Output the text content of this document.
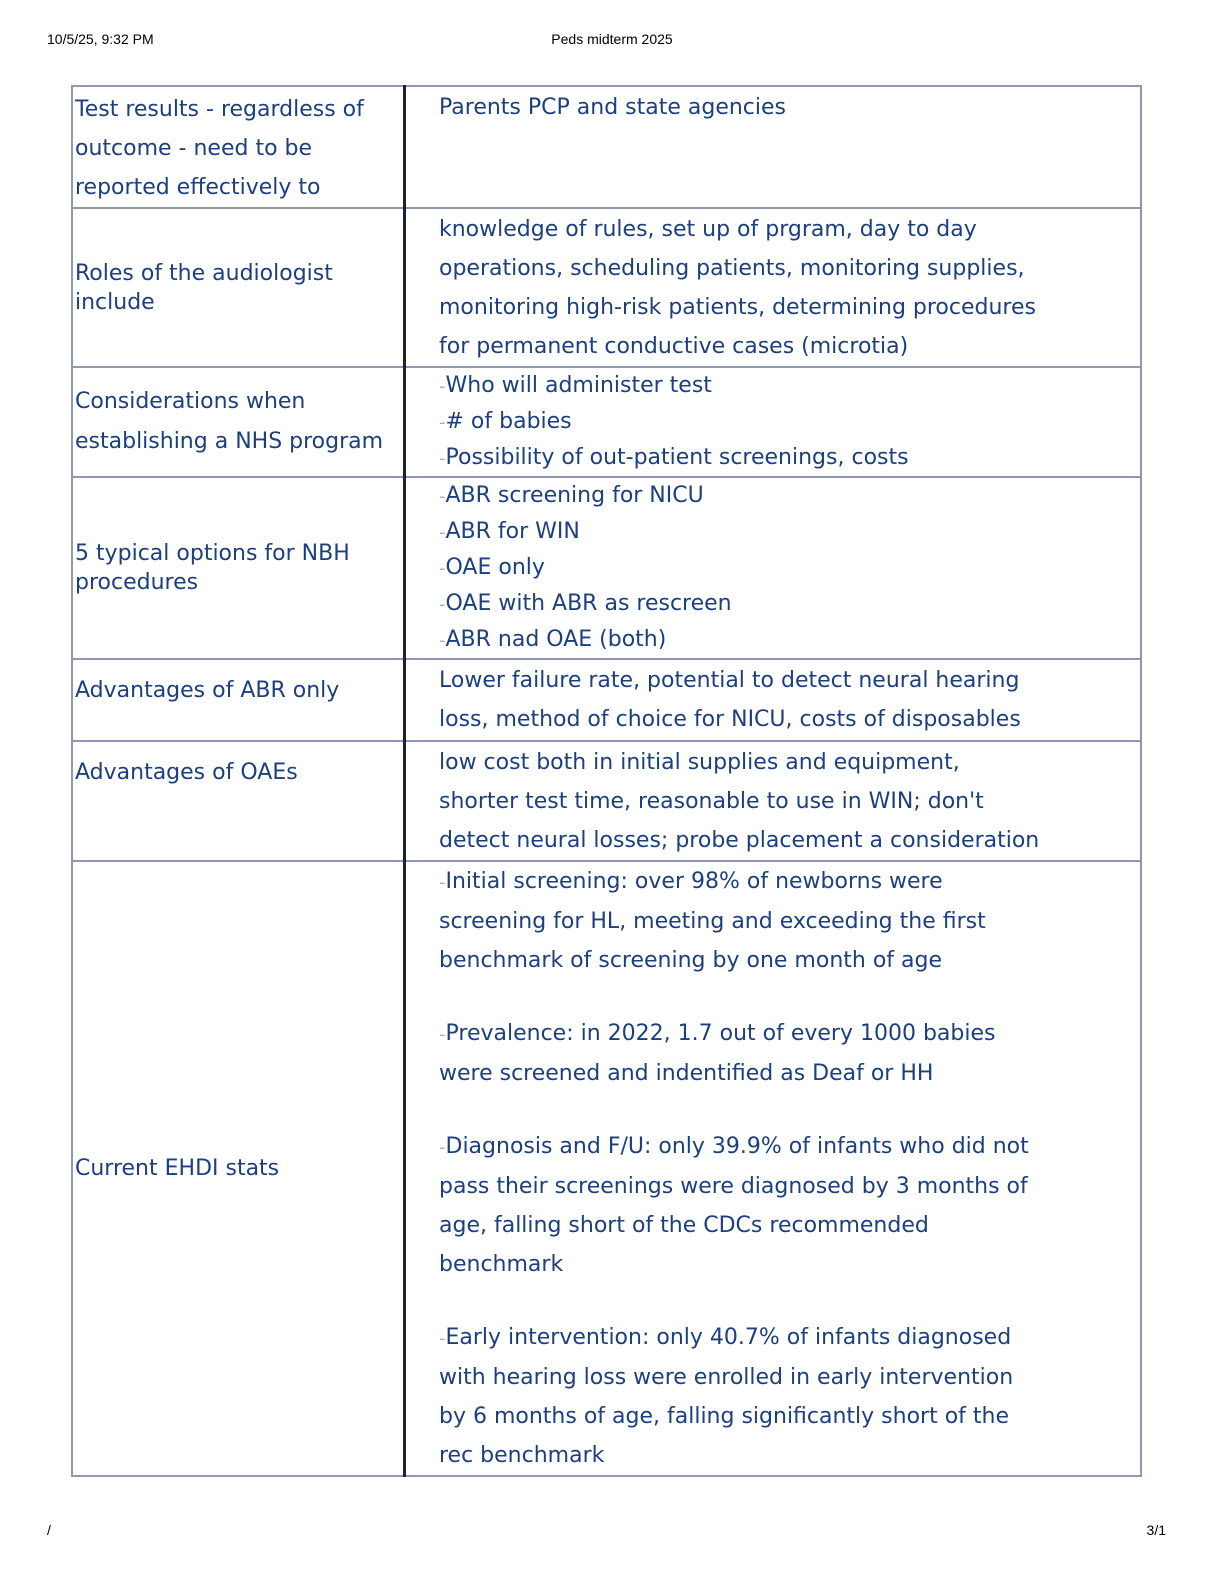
10/5/25, 9:32 PM	Peds midterm 2025
Test results - regardless of outcome - need to be reported effectively to	Parents PCP and state agencies
Roles of the audiologist include	knowledge of rules, set up of prgram, day to day operations, scheduling patients, monitoring supplies, monitoring high-risk patients, determining procedures for permanent conductive cases (microtia)
Considerations when establishing a NHS program	-Who will administer test
-# of babies
-Possibility of out-patient screenings, costs

5 typical options for NBH procedures	-ABR screening for NICU
-ABR for WIN
-OAE only
-OAE with ABR as rescreen
-ABR nad OAE (both)

Advantages of ABR only	Lower failure rate, potential to detect neural hearing loss, method of choice for NICU, costs of disposables
Advantages of OAEs	low cost both in initial supplies and equipment, shorter test time, reasonable to use in WIN; don't detect neural losses; probe placement a consideration
Current EHDI stats	-Initial screening: over 98% of newborns were screening for HL, meeting and exceeding the first benchmark of screening by one month of age
-Prevalence: in 2022, 1.7 out of every 1000 babies were screened and indentified as Deaf or HH
-Diagnosis and F/U: only 39.9% of infants who did not pass their screenings were diagnosed by 3 months of age, falling short of the CDCs recommended benchmark
-Early intervention: only 40.7% of infants diagnosed with hearing loss were enrolled in early intervention by 6 months of age, falling significantly short of the rec benchmark
/	3/1
